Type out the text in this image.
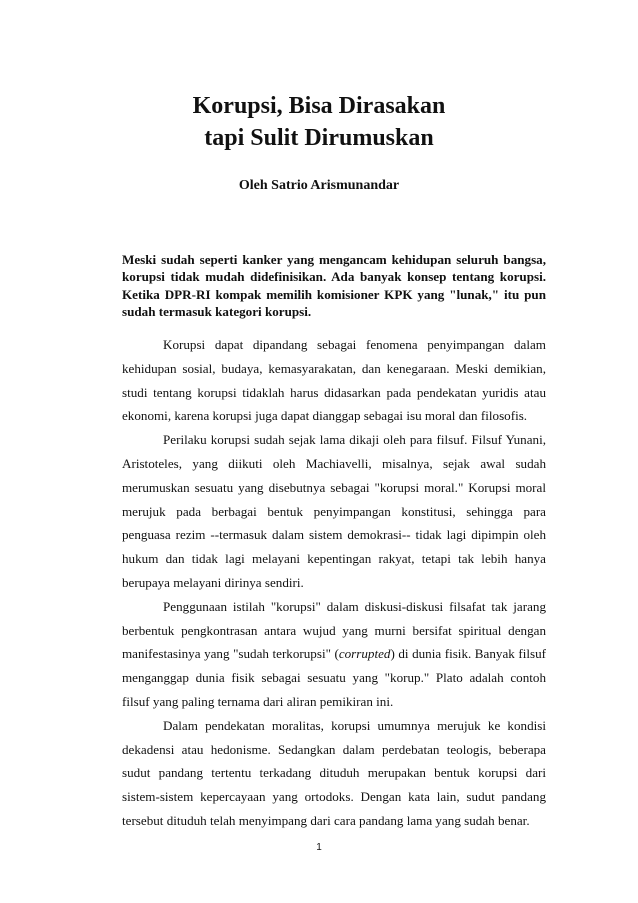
Korupsi, Bisa Dirasakan
tapi Sulit Dirumuskan

Oleh Satrio Arismunandar

Meski sudah seperti kanker yang mengancam kehidupan seluruh bangsa, korupsi tidak mudah didefinisikan. Ada banyak konsep tentang korupsi. Ketika DPR-RI kompak memilih komisioner KPK yang "lunak," itu pun sudah termasuk kategori korupsi.

Korupsi dapat dipandang sebagai fenomena penyimpangan dalam kehidupan sosial, budaya, kemasyarakatan, dan kenegaraan. Meski demikian, studi tentang korupsi tidaklah harus didasarkan pada pendekatan yuridis atau ekonomi, karena korupsi juga dapat dianggap sebagai isu moral dan filosofis.

Perilaku korupsi sudah sejak lama dikaji oleh para filsuf. Filsuf Yunani, Aristoteles, yang diikuti oleh Machiavelli, misalnya, sejak awal sudah merumuskan sesuatu yang disebutnya sebagai "korupsi moral." Korupsi moral merujuk pada berbagai bentuk penyimpangan konstitusi, sehingga para penguasa rezim --termasuk dalam sistem demokrasi-- tidak lagi dipimpin oleh hukum dan tidak lagi melayani kepentingan rakyat, tetapi tak lebih hanya berupaya melayani dirinya sendiri.

Penggunaan istilah "korupsi" dalam diskusi-diskusi filsafat tak jarang berbentuk pengkontrasan antara wujud yang murni bersifat spiritual dengan manifestasinya yang "sudah terkorupsi" (corrupted) di dunia fisik. Banyak filsuf menganggap dunia fisik sebagai sesuatu yang "korup." Plato adalah contoh filsuf yang paling ternama dari aliran pemikiran ini.

Dalam pendekatan moralitas, korupsi umumnya merujuk ke kondisi dekadensi atau hedonisme. Sedangkan dalam perdebatan teologis, beberapa sudut pandang tertentu terkadang dituduh merupakan bentuk korupsi dari sistem-sistem kepercayaan yang ortodoks. Dengan kata lain, sudut pandang tersebut dituduh telah menyimpang dari cara pandang lama yang sudah benar.

1
